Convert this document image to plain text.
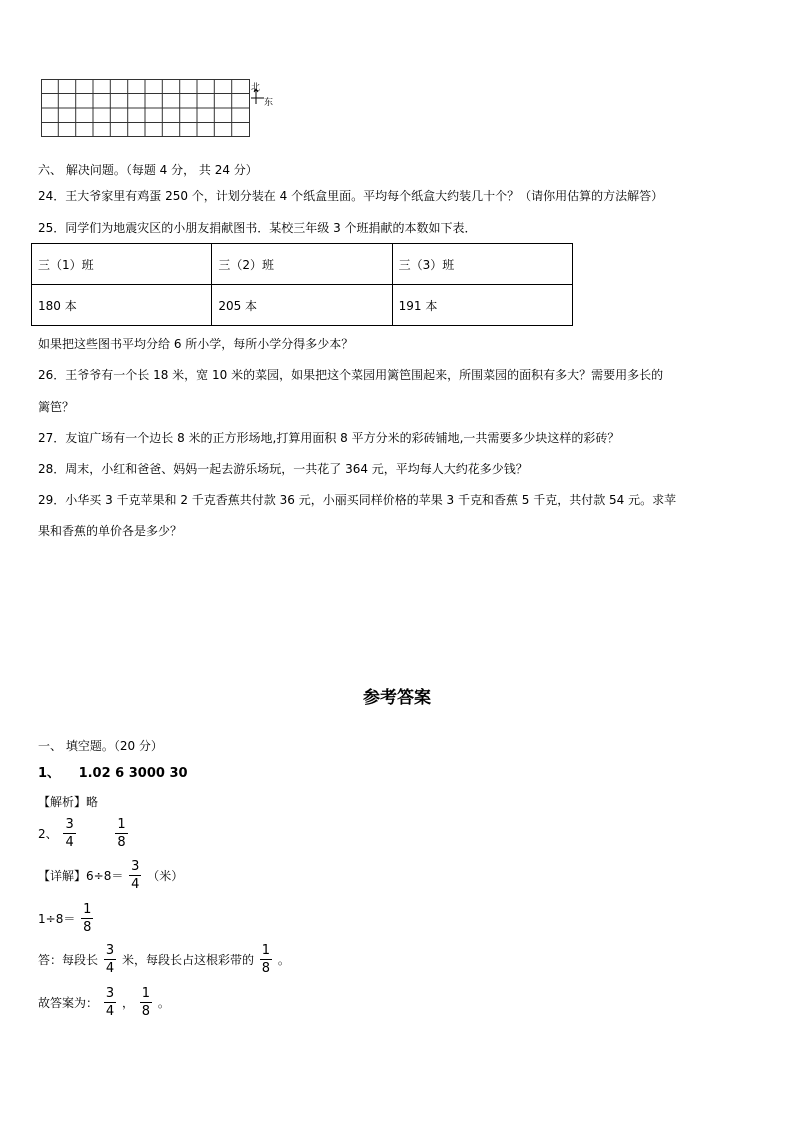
北
东
六、 解决问题。（每题 4 分， 共 24 分）
24．王大爷家里有鸡蛋 250 个，计划分装在 4 个纸盒里面。平均每个纸盒大约装几十个？（请你用估算的方法解答）
25．同学们为地震灾区的小朋友捐献图书．某校三年级 3 个班捐献的本数如下表．
三（1）班	三（2）班	三（3）班
180 本	205 本	191 本
如果把这些图书平均分给 6 所小学，每所小学分得多少本？
26．王爷爷有一个长 18 米，宽 10 米的菜园，如果把这个菜园用篱笆围起来，所围菜园的面积有多大？需要用多长的
篱笆？
27．友谊广场有一个边长 8 米的正方形场地,打算用面积 8 平方分米的彩砖铺地,一共需要多少块这样的彩砖？
28．周末，小红和爸爸、妈妈一起去游乐场玩，一共花了 364 元，平均每人大约花多少钱？
29．小华买 3 千克苹果和 2 千克香蕉共付款 36 元，小丽买同样价格的苹果 3 千克和香蕉 5 千克，共付款 54 元。求苹
果和香蕉的单价各是多少？
参考答案
一、 填空题。（20 分）
1、 1.02 6 3000 30
【解析】略
2、 $\frac{3}{4}$
	$\frac{1}{8}$
【详解】$6\div 8= \frac{3}{4}$ （米）
$1\div 8= \frac{1}{8}$
答：每段长 $\frac{3}{4}$ 米，每段长占这根彩带的 $\frac{1}{8}$ 。
故答案为： $\frac{3}{4}$ ， $\frac{1}{8}$ 。
